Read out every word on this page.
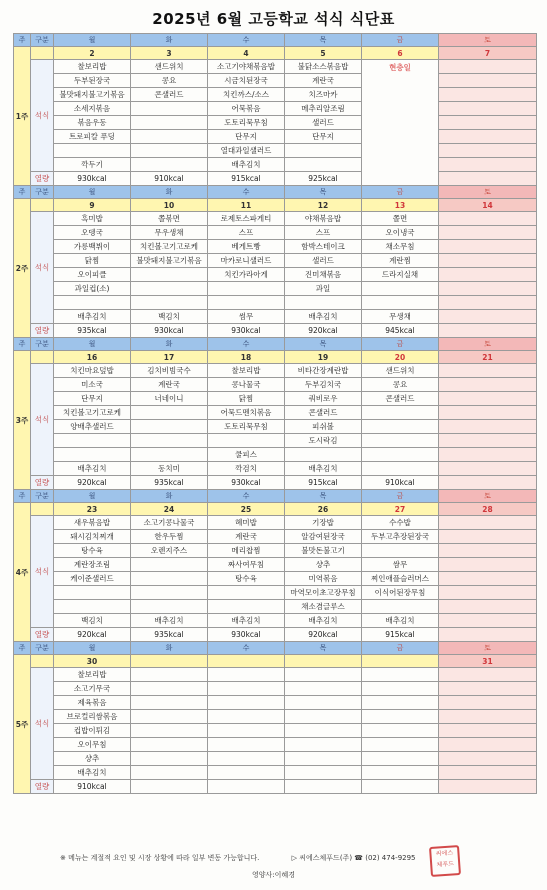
2025년 6월 고등학교 석식 식단표
주	구분	월	화	수	목	금	토
1주		2	3	4	5	6	7
	석식	찰보리밥	샌드위치	소고기야채볶음밥	불닭소스볶음밥	현충일	
		두부된장국	콩요	시금치된장국	계란국		
		불맛돼지불고기볶음	콘샐러드	치킨까스/소스	치즈마카		
		소세지볶음		어묵볶음	메추리알조림		
		볶음우동		도토리묵무침	샐러드		
		트로피칼 푸딩		단무지	단무지		
				열대과일샐러드			
		깍두기		배추김치			
	열량	930kcal	910kcal	915kcal	925kcal		
주	구분	월	화	수	목	금	토
2주		9	10	11	12	13	14
	석식	흑미밥	쫄볶면	로제토스파게티	야채볶음밥	쫄면	
		오뎅국	무우생채	스프	스프	오이냉국	
		가릉백뷔이	치킨볼고기고로케	베게트빵	함박스테이크	채소무침	
		닭찜	불맛돼지불고기볶음	마카로니샐러드	샐러드	계란찜	
		오이피클		치킨가라아게	진미채볶음	드라지실채	
		과일컵(소)			과일		

		배추김치	백김치	썸무	배추김치	무생채	
	열량	935kcal	930kcal	930kcal	920kcal	945kcal	
주	구분	월	화	수	목	금	토
3주		16	17	18	19	20	21
	석식	치킨마요덮밥	김치비빔국수	찰보리밥	비타간장계란밥	샌드위치	
		미소국	계란국	콩나물국	두부김치국	콩요	
		단무지	너네이니	닭찜	쿼비로우	콘샐러드	
		치킨볼고기고로케		어묵드멘치볶음	콘샐러드		
		양배추샐러드		도토리묵무침	피쉬볼		
					도시락김		
				쿨피스			
		배추김치	동치미	깍검치	배추김치		
	열량	920kcal	935kcal	930kcal	915kcal	910kcal	
주	구분	월	화	수	목	금	토
4주		23	24	25	26	27	28
	석식	새우볶음밥	소고기콩나물국	혜미밥	기장밥	수수밥	
		돼시김치찌개	한우두찜	계란국	알감여된장국	두부고추장된장국	
		탕수육	오렌지주스	메리찹찜	불맛돈불고기		
		계란장조림		짜사여무침	샹추	쌈무	
		케이준샐러드		탕수육	미역볶음	찌인애플슬러머스	
					마역모이초고장무침	이식어된장무침	
					채소겸글루스		
		백김치	배추김치	배추김치	배추김치	배추김치	
	열량	920kcal	935kcal	930kcal	920kcal	915kcal	
주	구분	월	화	수	목	금	토
5주		30					31
	석식	찰보리밥					
		소고기무국					
		제육볶음					
		브로컬리쌈볶음					
		컵밥이튀김					
		오이무침					
		샹추					
		배추김치					
	열량	910kcal					
※ 메뉴는 계절적 요인 및 시장 상황에 따라 일부 변동 가능합니다.	▷ 씨에스체푸드(주) ☎ (02) 474-9295
씨에스
체푸드
영양사:이혜경
